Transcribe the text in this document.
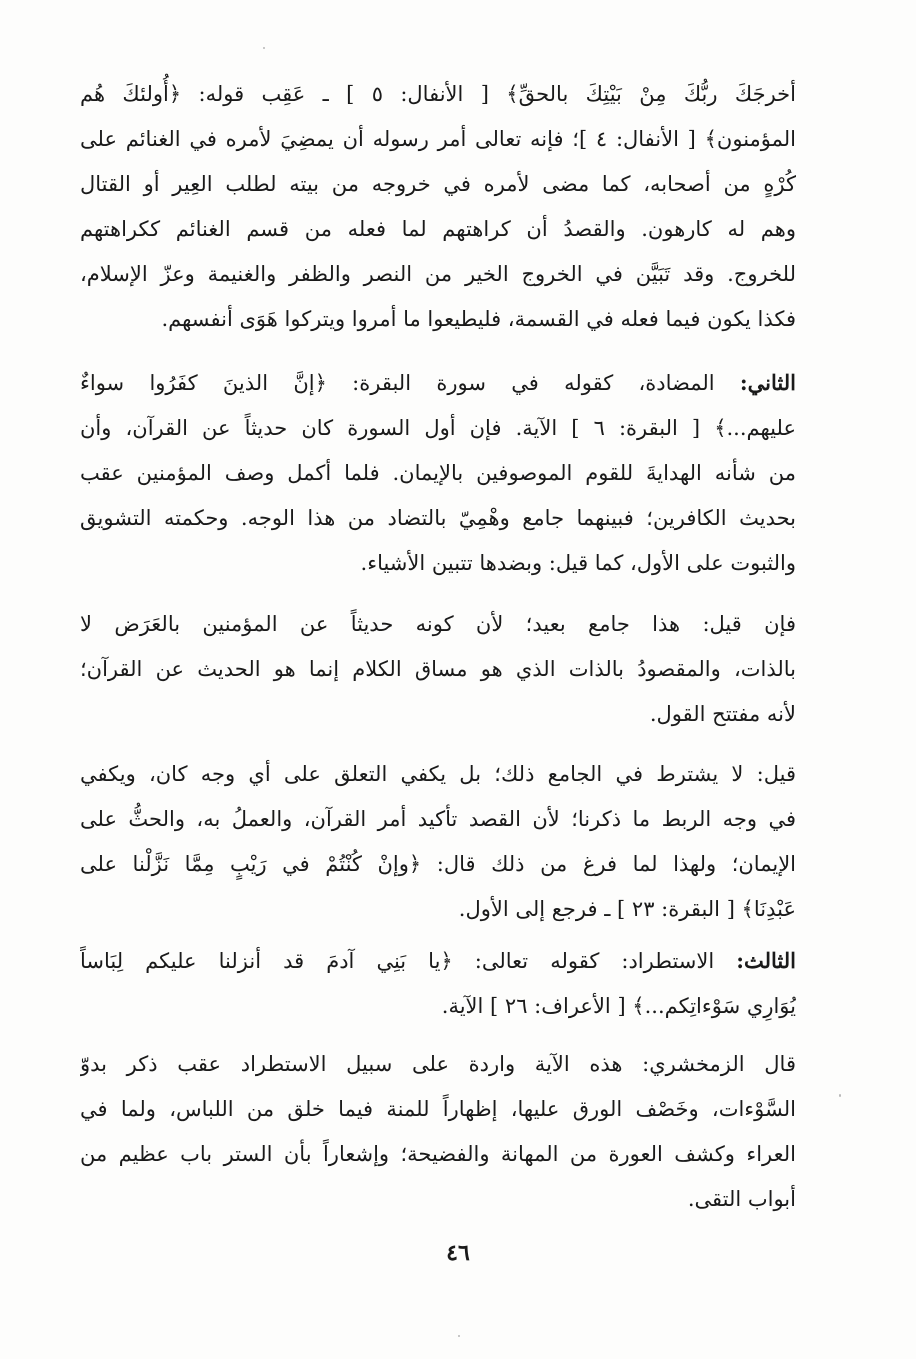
أخرجَكَ ربُّكَ مِنْ بَيْتِكَ بالحقِّ﴾ [ الأنفال: ٥ ] ـ عَقِب قوله: ﴿أُولئكَ هُم
المؤمنون﴾ [ الأنفال: ٤ ]؛ فإنه تعالى أمر رسوله أن يمضِيَ لأمره في الغنائم على
كُرْهٍ من أصحابه، كما مضى لأمره في خروجه من بيته لطلب العِير أو القتال
وهم له كارهون. والقصدُ أن كراهتهم لما فعله من قسم الغنائم ككراهتهم
للخروج. وقد تَبَيَّن في الخروج الخير من النصر والظفر والغنيمة وعزّ الإسلام،
فكذا يكون فيما فعله في القسمة، فليطيعوا ما أمروا ويتركوا هَوَى أنفسهم.
الثاني: المضادة، كقوله في سورة البقرة: ﴿إنَّ الذينَ كفَرُوا سواءٌ
عليهم...﴾ [ البقرة: ٦ ] الآية. فإن أول السورة كان حديثاً عن القرآن، وأن
من شأنه الهدايةَ للقوم الموصوفين بالإيمان. فلما أكمل وصف المؤمنين عقب
بحديث الكافرين؛ فبينهما جامع وهْمِيّ بالتضاد من هذا الوجه. وحكمته التشويق
والثبوت على الأول، كما قيل: وبضدها تتبين الأشياء.
فإن قيل: هذا جامع بعيد؛ لأن كونه حديثاً عن المؤمنين بالعَرَض لا
بالذات، والمقصودُ بالذات الذي هو مساق الكلام إنما هو الحديث عن القرآن؛
لأنه مفتتح القول.
قيل: لا يشترط في الجامع ذلك؛ بل يكفي التعلق على أي وجه كان، ويكفي
في وجه الربط ما ذكرنا؛ لأن القصد تأكيد أمر القرآن، والعملُ به، والحثُّ على
الإيمان؛ ولهذا لما فرغ من ذلك قال: ﴿وإنْ كُنْتُمْ في رَيْبٍ مِمَّا نَزَّلْنا على
عَبْدِنَا﴾ [ البقرة: ٢٣ ] ـ فرجع إلى الأول.
الثالث: الاستطراد: كقوله تعالى: ﴿يا بَنِي آدمَ قد أنزلنا عليكم لِبَاساً
يُوَارِي سَوْءاتِكم...﴾ [ الأعراف: ٢٦ ] الآية.
قال الزمخشري: هذه الآية واردة على سبيل الاستطراد عقب ذكر بدوّ
السَّوْءات، وخَصْف الورق عليها، إظهاراً للمنة فيما خلق من اللباس، ولما في
العراء وكشف العورة من المهانة والفضيحة؛ وإشعاراً بأن الستر باب عظيم من
أبواب التقى.
٤٦
